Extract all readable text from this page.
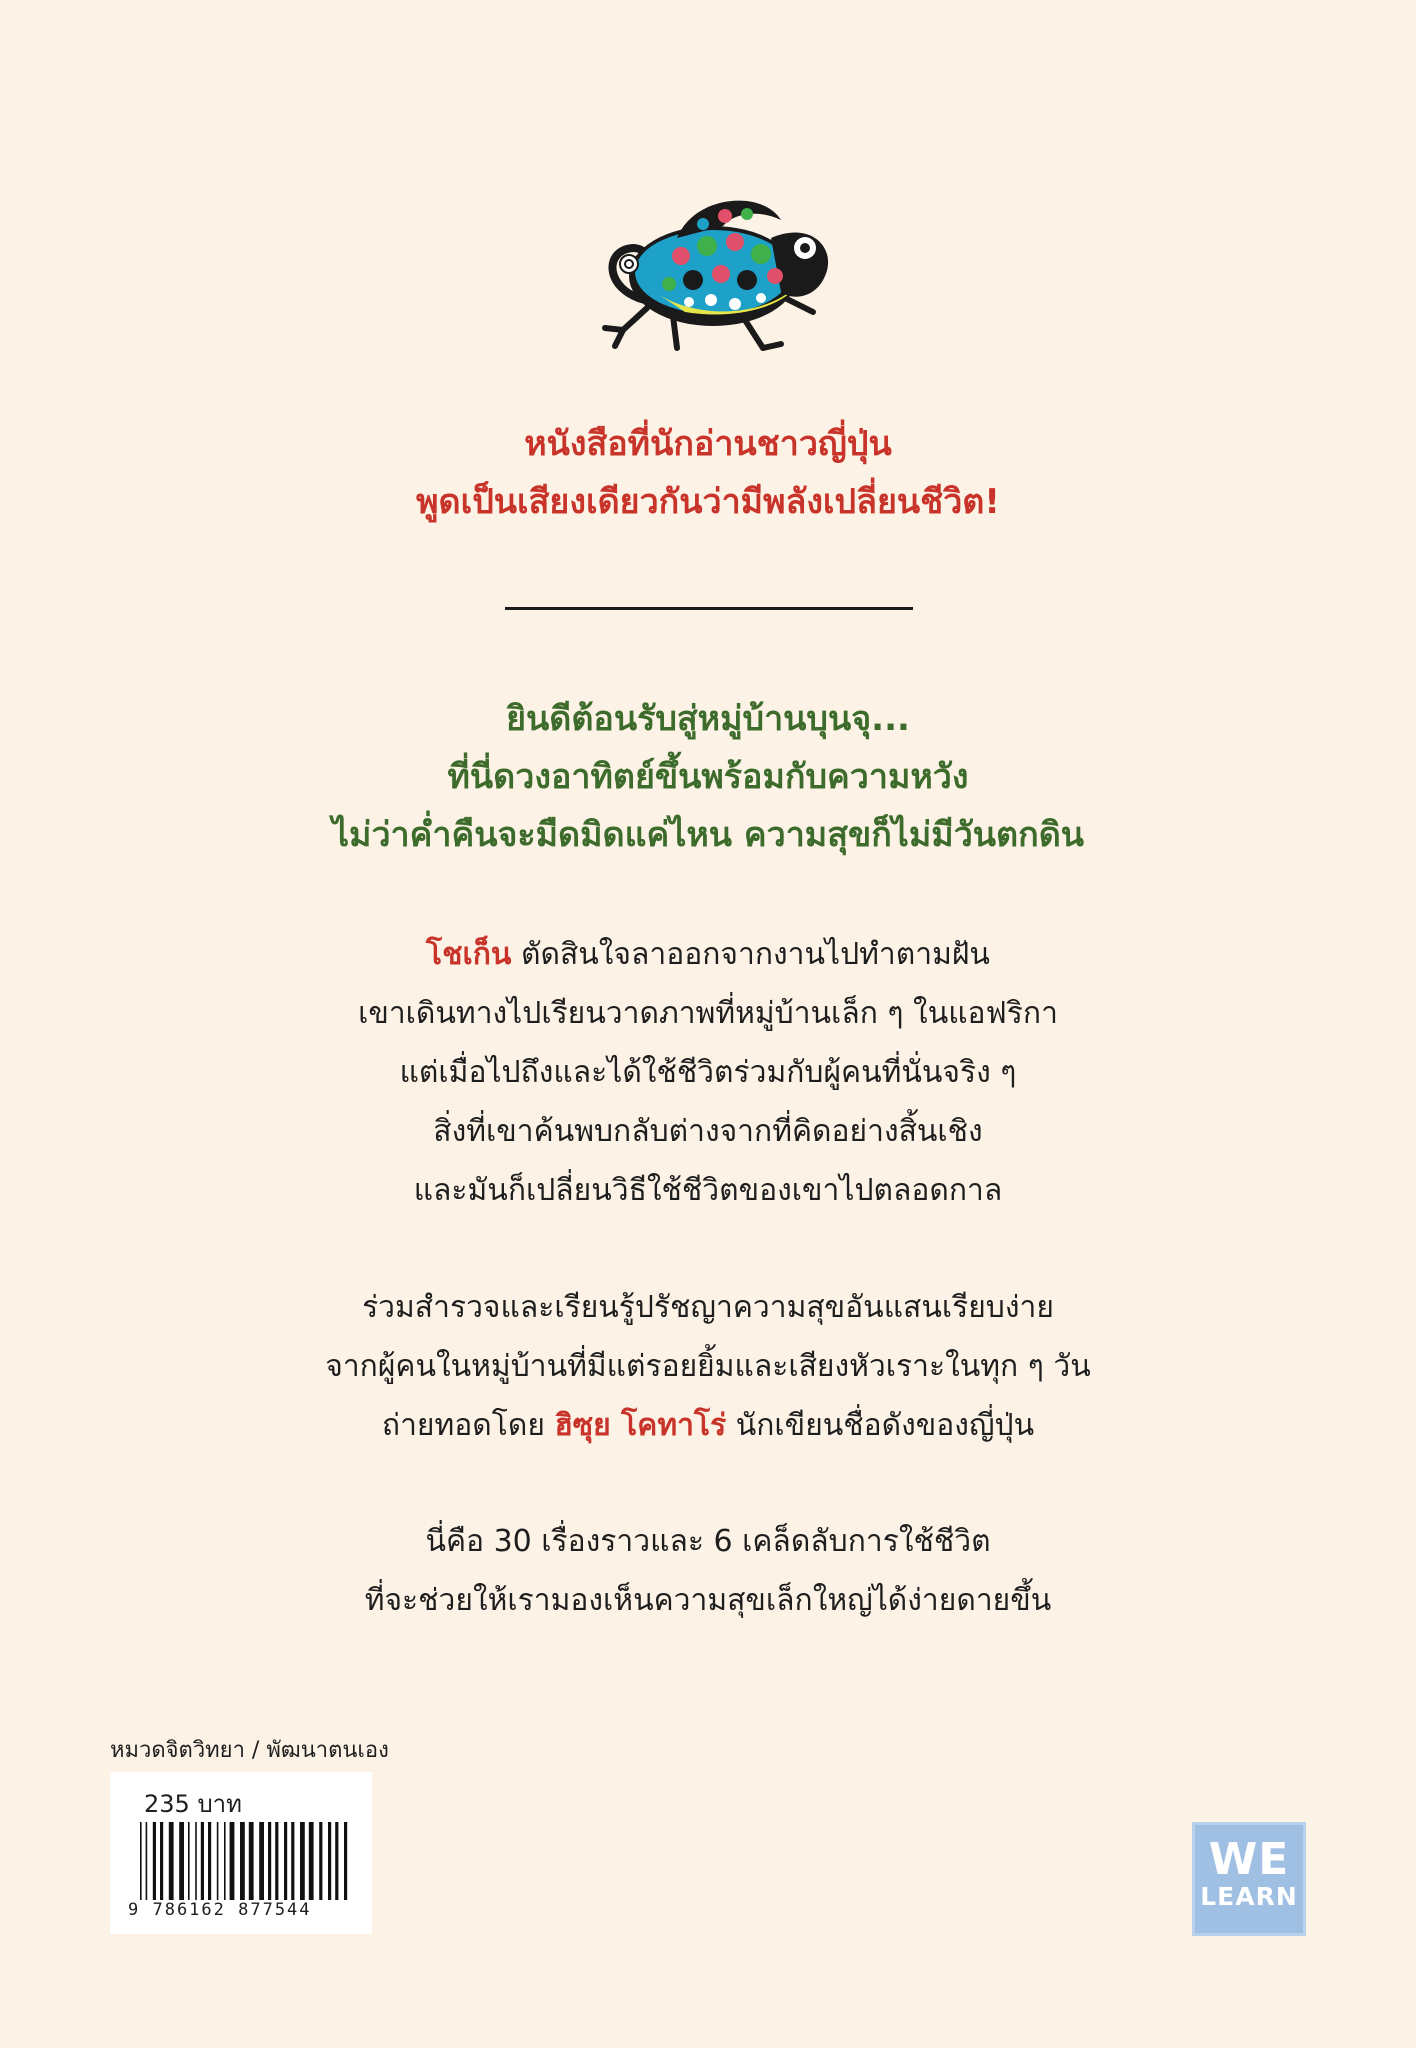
หนังสือที่นักอ่านชาวญี่ปุ่น
พูดเป็นเสียงเดียวกันว่ามีพลังเปลี่ยนชีวิต!
ยินดีต้อนรับสู่หมู่บ้านบุนจุ...
ที่นี่ดวงอาทิตย์ขึ้นพร้อมกับความหวัง
ไม่ว่าค่ำคืนจะมืดมิดแค่ไหน ความสุขก็ไม่มีวันตกดิน
โชเก็น ตัดสินใจลาออกจากงานไปทำตามฝัน
เขาเดินทางไปเรียนวาดภาพที่หมู่บ้านเล็ก ๆ ในแอฟริกา
แต่เมื่อไปถึงและได้ใช้ชีวิตร่วมกับผู้คนที่นั่นจริง ๆ
สิ่งที่เขาค้นพบกลับต่างจากที่คิดอย่างสิ้นเชิง
และมันก็เปลี่ยนวิธีใช้ชีวิตของเขาไปตลอดกาล
ร่วมสำรวจและเรียนรู้ปรัชญาความสุขอันแสนเรียบง่าย
จากผู้คนในหมู่บ้านที่มีแต่รอยยิ้มและเสียงหัวเราะในทุก ๆ วัน
ถ่ายทอดโดย ฮิซุย โคทาโร่ นักเขียนชื่อดังของญี่ปุ่น
นี่คือ 30 เรื่องราวและ 6 เคล็ดลับการใช้ชีวิต
ที่จะช่วยให้เรามองเห็นความสุขเล็กใหญ่ได้ง่ายดายขึ้น
หมวดจิตวิทยา / พัฒนาตนเอง
235 บาท
9 786162 877544
WE
LEARN
